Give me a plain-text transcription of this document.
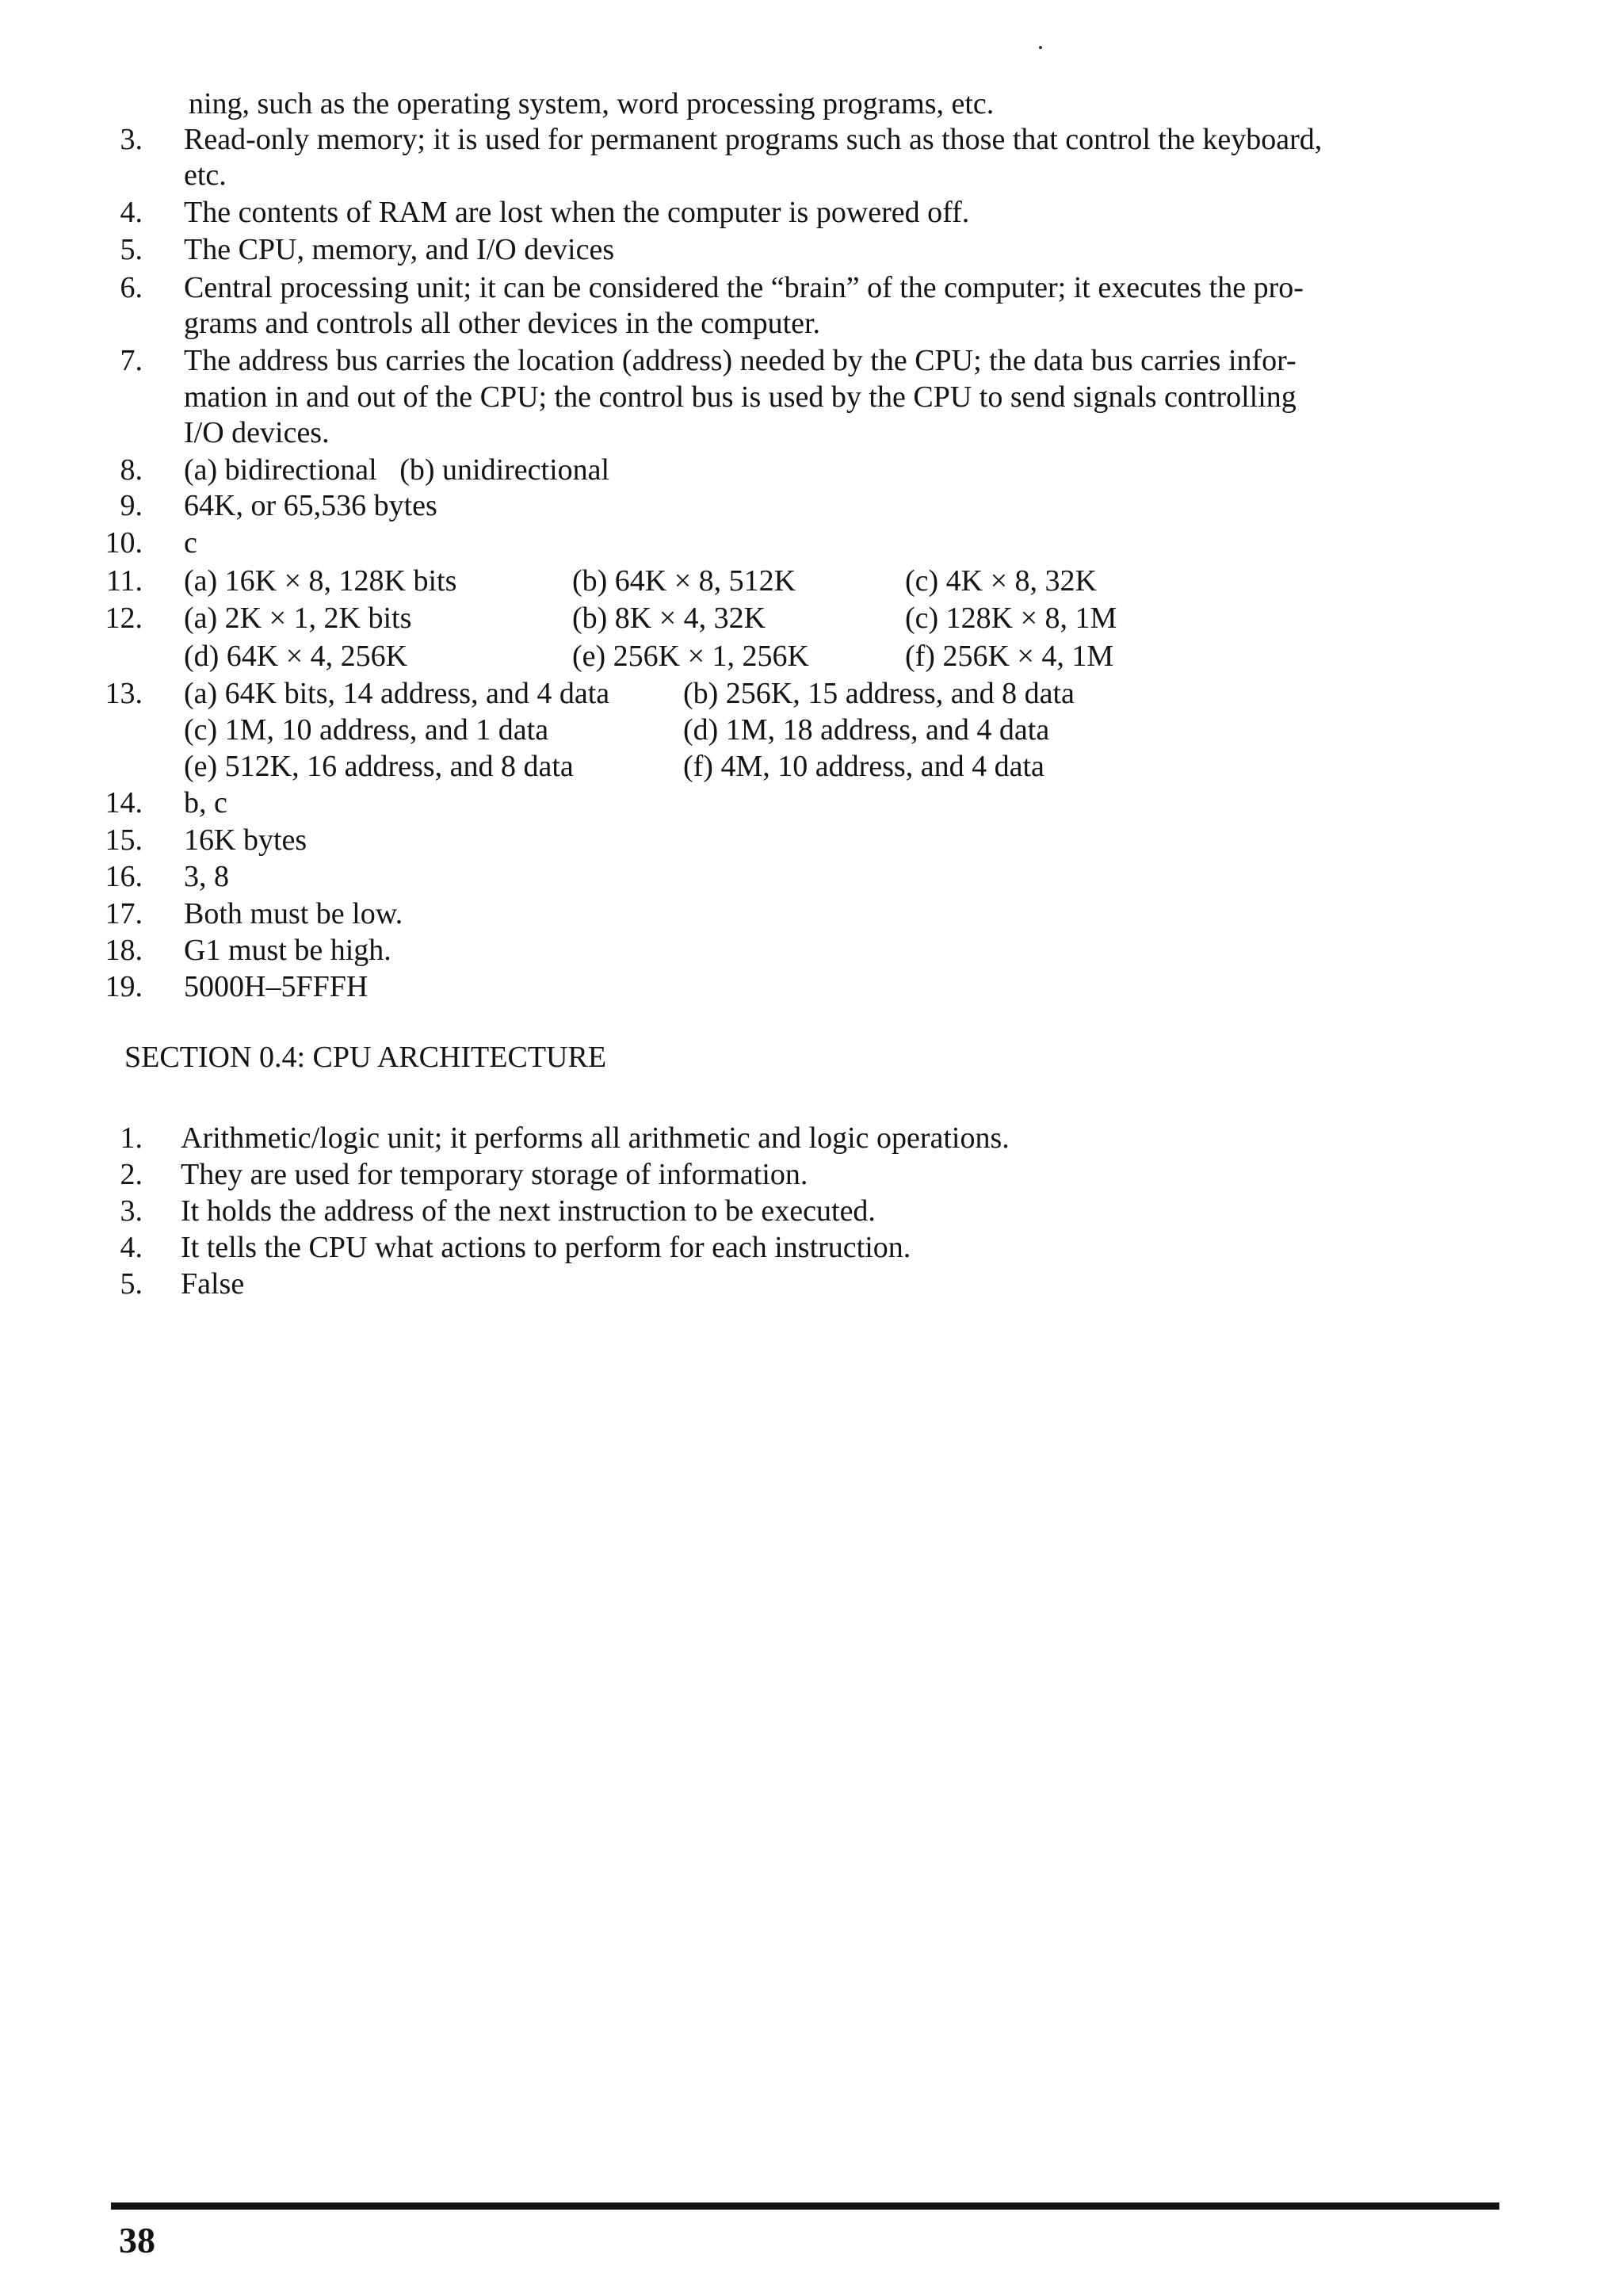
ning, such as the operating system, word processing programs, etc.
3. Read-only memory; it is used for permanent programs such as those that control the keyboard,
etc.
4. The contents of RAM are lost when the computer is powered off.
5. The CPU, memory, and I/O devices
6. Central processing unit; it can be considered the “brain” of the computer; it executes the pro-
grams and controls all other devices in the computer.
7. The address bus carries the location (address) needed by the CPU; the data bus carries infor-
mation in and out of the CPU; the control bus is used by the CPU to send signals controlling
I/O devices.
8. (a) bidirectional   (b) unidirectional
9. 64K, or 65,536 bytes
10. c
11. (a) 16K × 8, 128K bits	(b) 64K × 8, 512K	(c) 4K × 8, 32K
12. (a) 2K × 1, 2K bits	(b) 8K × 4, 32K	(c) 128K × 8, 1M
(d) 64K × 4, 256K	(e) 256K × 1, 256K	(f) 256K × 4, 1M
13. (a) 64K bits, 14 address, and 4 data (b) 256K, 15 address, and 8 data
(c) 1M, 10 address, and 1 data	(d) 1M, 18 address, and 4 data
(e) 512K, 16 address, and 8 data	(f) 4M, 10 address, and 4 data
14. b, c
15. 16K bytes
16. 3, 8
17. Both must be low.
18. G1 must be high.
19. 5000H–5FFFH
SECTION 0.4: CPU ARCHITECTURE
1. Arithmetic/logic unit; it performs all arithmetic and logic operations.
2. They are used for temporary storage of information.
3. It holds the address of the next instruction to be executed.
4. It tells the CPU what actions to perform for each instruction.
5. False
38
